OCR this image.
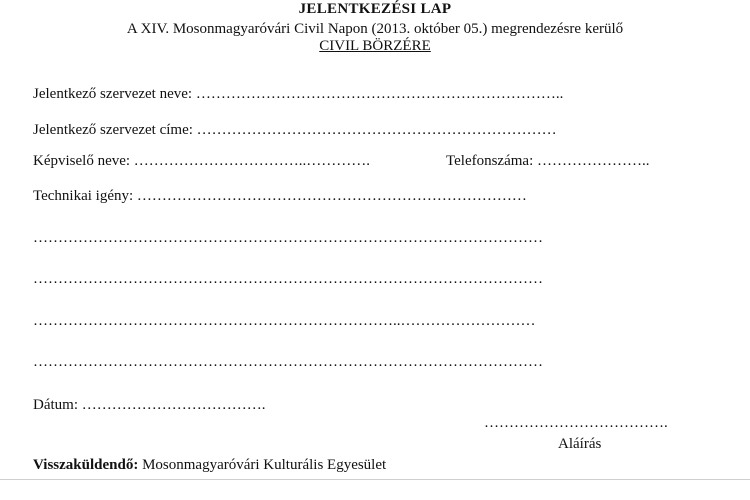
JELENTKEZÉSI LAP
A XIV. Mosonmagyaróvári Civil Napon (2013. október 05.) megrendezésre kerülő
CIVIL BÖRZÉRE
Jelentkező szervezet neve: ………………………………………………………………..
Jelentkező szervezet címe: ………………………………………………………………
Képviselő neve: ……………………………..………….	Telefonszáma: …………………..
Technikai igény: ……………………………………………………………………
…………………………………………………………………………………………
…………………………………………………………………………………………
………………………………………………………………..………………………
…………………………………………………………………………………………
Dátum: ……………………………….
……………………………….
Aláírás
Visszaküldendő: Mosonmagyaróvári Kulturális Egyesület
